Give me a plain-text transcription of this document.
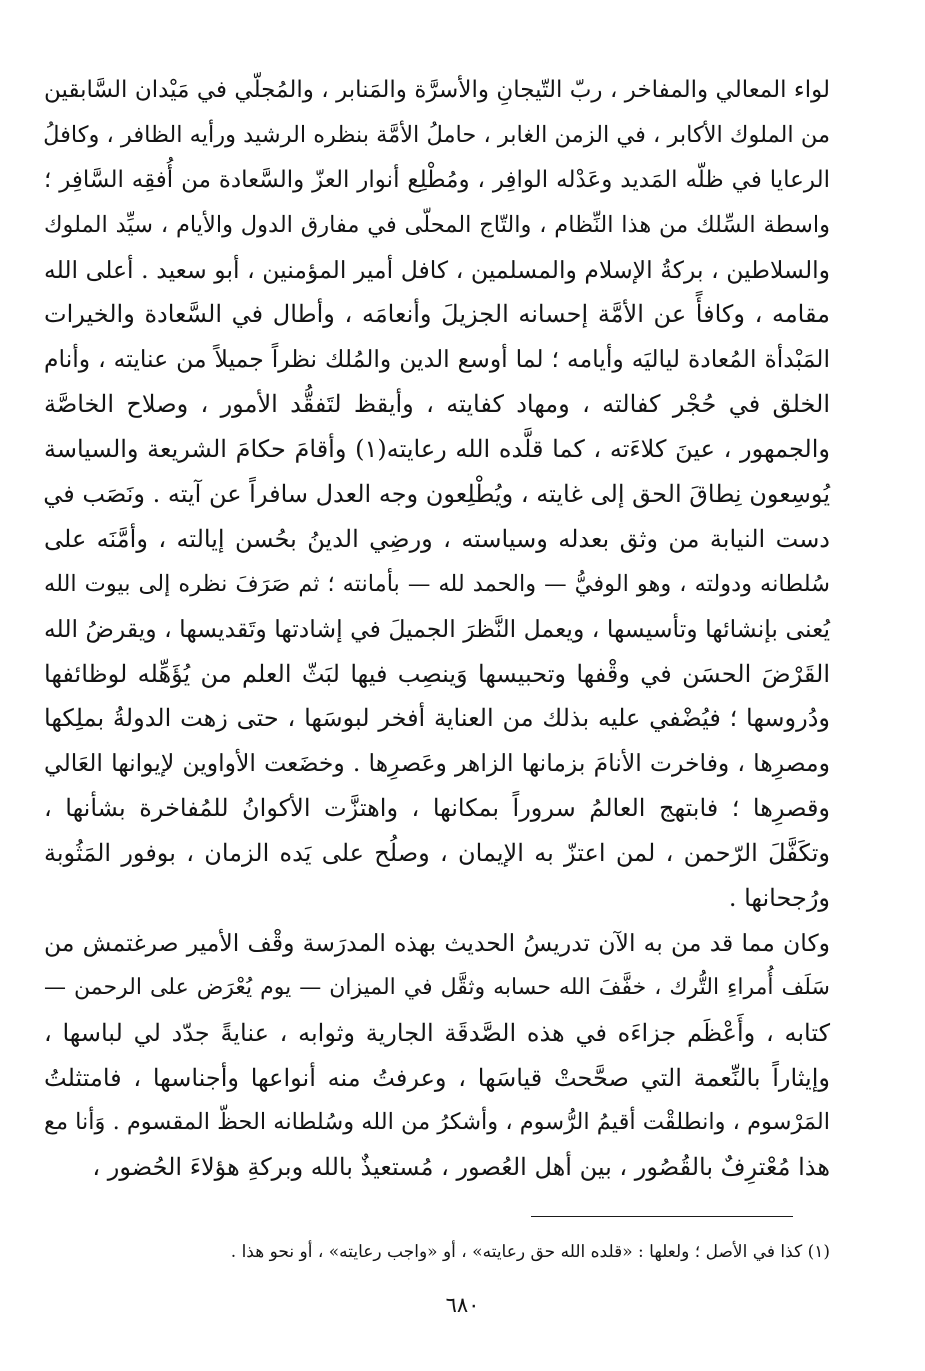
لواء المعالي والمفاخر ، ربّ التّيجانِ والأسرَّة والمَنابر ، والمُجلّي في مَيْدان السَّابقين
من الملوك الأكابر ، في الزمن الغابر ، حاملُ الأمَّة بنظره الرشيد ورأيه الظافر ، وكافلُ
الرعايا في ظلّه المَديد وعَدْله الوافِر ، ومُطْلِع أنوار العزّ والسَّعادة من أُفقِه السَّافِر ؛
واسطة السِّلك من هذا النِّظام ، والتّاج المحلّى في مفارق الدول والأيام ، سيِّد الملوك
والسلاطين ، بركةُ الإسلام والمسلمين ، كافل أمير المؤمنين ، أبو سعيد . أعلى الله
مقامه ، وكافأً عن الأمَّة إحسانه الجزيلَ وأنعامَه ، وأطال في السَّعادة والخيرات
المَبْدأة المُعادة لياليَه وأيامه ؛ لما أوسع الدين والمُلك نظراً جميلاً من عنايته ، وأنام
الخلق في حُجْر كفالته ، ومهاد كفايته ، وأيقظ لتَفقُّد الأمور ، وصلاح الخاصَّة
والجمهور ، عينَ كلاءَته ، كما قلَّده الله رعايته(١) وأقامَ حكامَ الشريعة والسياسة
يُوسِعون نِطاقَ الحق إلى غايته ، ويُطْلِعون وجه العدل سافراً عن آيته . ونَصَب في
دست النيابة من وثق بعدله وسياسته ، ورضِي الدينُ بحُسن إيالته ، وأمَّنَه على
سُلطانه ودولته ، وهو الوفيُّ — والحمد لله — بأمانته ؛ ثم صَرَفَ نظره إلى بيوت الله
يُعنى بإنشائها وتأسيسها ، ويعمل النَّظرَ الجميلَ في إشادتها وتَقديسها ، ويقرضُ الله
القَرْضَ الحسَن في وقْفها وتحبيسها وَينصِب فيها لبَثّ العلم من يُؤَهِّله لوظائفها
ودُروسها ؛ فيُضْفي عليه بذلك من العناية أفخر لبوسَها ، حتى زهت الدولةُ بملِكها
ومصرِها ، وفاخرت الأنامَ بزمانها الزاهر وعَصرِها . وخضَعت الأواوين لإيوانها العَالي
وقصرِها ؛ فابتهج العالمُ سروراً بمكانها ، واهتزَّت الأكوانُ للمُفاخرة بشأنها ،
وتكَفَّلَ الرّحمن ، لمن اعتزّ به الإيمان ، وصلُح على يَده الزمان ، بوفور المَثُوبة
ورُجحانها .
وكان مما قد من به الآن تدريسُ الحديث بهذه المدرَسة وقْف الأمير صرغتمش من
سَلَف أُمراءِ التُّرك ، خفَّفَ الله حسابه وثقَّل في الميزان — يوم يُعْرَض على الرحمن —
كتابه ، وأَعْظَم جزاءَه في هذه الصَّدقَة الجارية وثوابه ، عنايةً جدّد لي لباسها ،
وإيثاراً بالنِّعمة التي صحَّحتْ قياسَها ، وعرفتُ منه أنواعها وأجناسها ، فامتثلتُ
المَرْسوم ، وانطلقْت أقيمُ الرُّسوم ، وأشكرُ من الله وسُلطانه الحظّ المقسوم . وَأنا مع
هذا مُعْترِفٌ بالقُصُور ، بين أهل العُصور ، مُستعيذٌ بالله وبركةِ هؤلاءَ الحُضور ،
(١) كذا في الأصل ؛ ولعلها : «قلده الله حق رعايته» ، أو «واجب رعايته» ، أو نحو هذا .
٦٨٠
